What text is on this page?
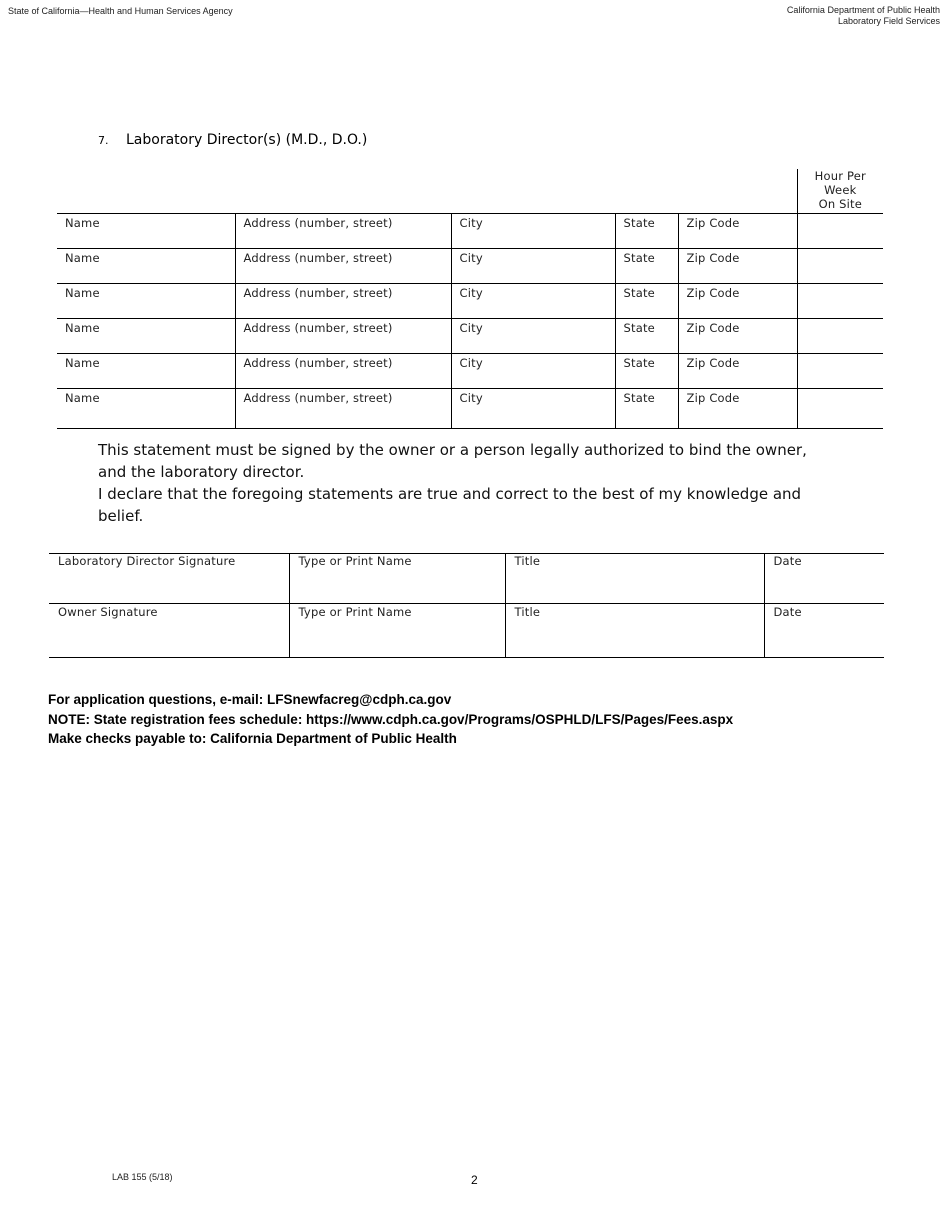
State of California—Health and Human Services Agency	California Department of Public Health
Laboratory Field Services
7. Laboratory Director(s) (M.D., D.O.)

					Hour Per
Week
On Site

Name	Address (number, street)	City	State	Zip Code	
Name	Address (number, street)	City	State	Zip Code	
Name	Address (number, street)	City	State	Zip Code	
Name	Address (number, street)	City	State	Zip Code	
Name	Address (number, street)	City	State	Zip Code	
Name	Address (number, street)	City	State	Zip Code	

This statement must be signed by the owner or a person legally authorized to bind the owner, and the laboratory director.

I declare that the foregoing statements are true and correct to the best of my knowledge and belief.

Laboratory Director Signature	Type or Print Name	Title	Date
Owner Signature	Type or Print Name	Title	Date
For application questions, e-mail: LFSnewfacreg@cdph.ca.gov
NOTE: State registration fees schedule: https://www.cdph.ca.gov/Programs/OSPHLD/LFS/Pages/Fees.aspx
Make checks payable to: California Department of Public Health
LAB 155 (5/18)	2
